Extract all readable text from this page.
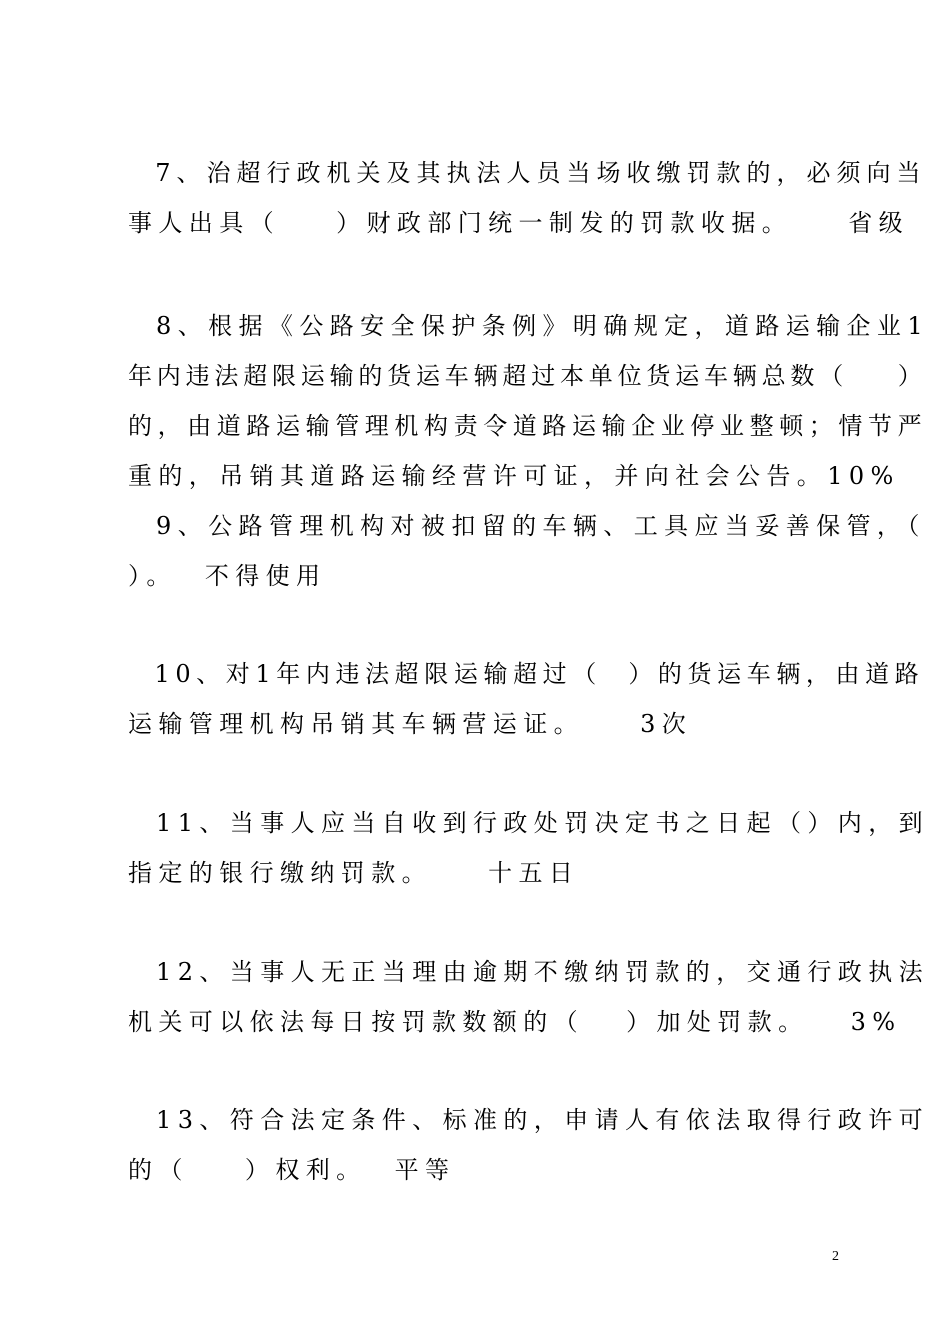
7、治超行政机关及其执法人员当场收缴罚款的，必须向当
事人出具（    ）财政部门统一制发的罚款收据。    省级
8、根据《公路安全保护条例》明确规定，道路运输企业1
年内违法超限运输的货运车辆超过本单位货运车辆总数（    ）
的，由道路运输管理机构责令道路运输企业停业整顿；情节严
重的，吊销其道路运输经营许可证，并向社会公告。10%
9、公路管理机构对被扣留的车辆、工具应当妥善保管，（
）。  不得使用
10、对1年内违法超限运输超过（  ）的货运车辆，由道路
运输管理机构吊销其车辆营运证。    3次
11、当事人应当自收到行政处罚决定书之日起（）内，到
指定的银行缴纳罚款。    十五日
12、当事人无正当理由逾期不缴纳罚款的，交通行政执法
机关可以依法每日按罚款数额的（   ）加处罚款。   3%
13、符合法定条件、标准的，申请人有依法取得行政许可
的（    ）权利。  平等
2
